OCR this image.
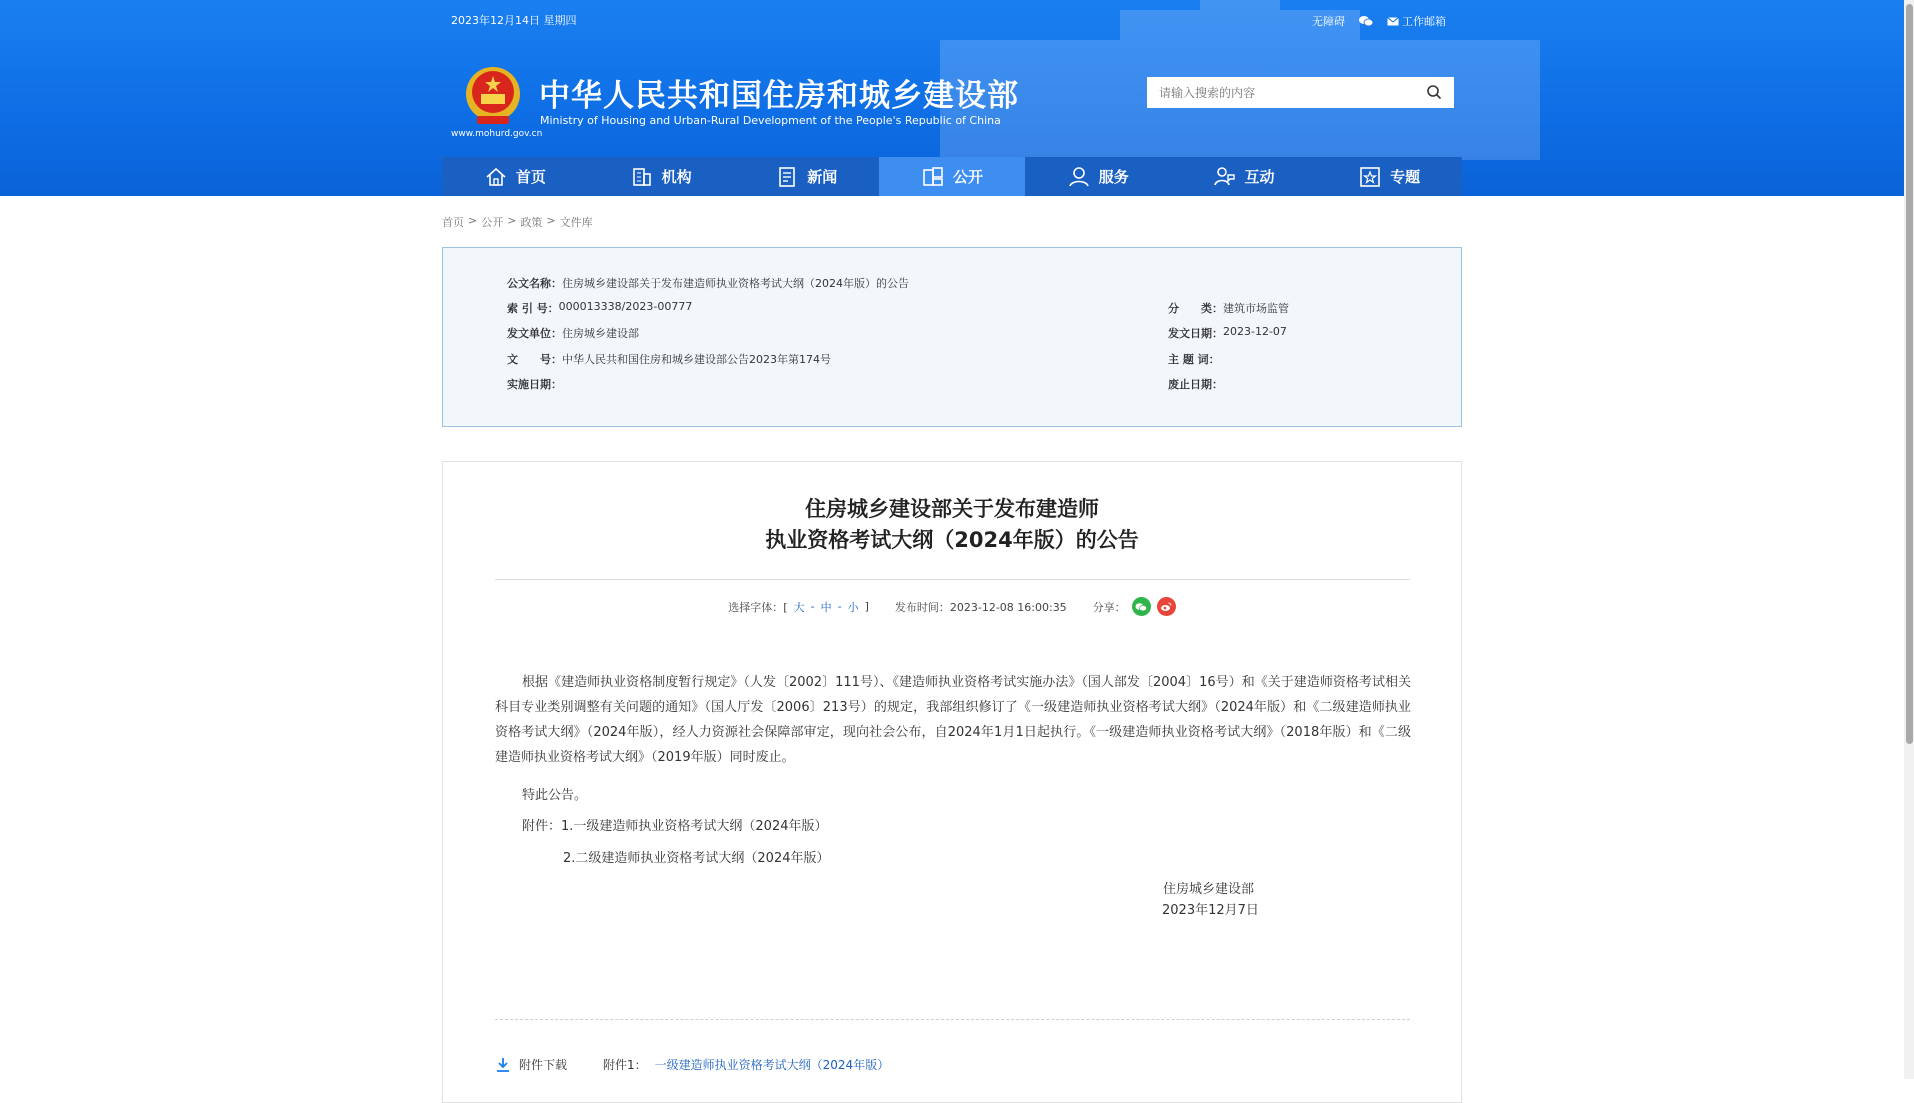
2023年12月14日 星期四	无障碍	工作邮箱
www.mohurd.gov.cn
中华人民共和国住房和城乡建设部
Ministry of Housing and Urban-Rural Development of the People's Republic of China
请输入搜索的内容
首页	机构	新闻	公开	服务	互动	专题
首页 > 公开 > 政策 > 文件库
公文名称： 住房城乡建设部关于发布建造师执业资格考试大纲（2024年版）的公告
索 引 号： 000013338/2023-00777	分　　类： 建筑市场监管
发文单位： 住房城乡建设部	发文日期： 2023-12-07
文　　号： 中华人民共和国住房和城乡建设部公告2023年第174号	主 题 词：
实施日期：	废止日期：
住房城乡建设部关于发布建造师
执业资格考试大纲（2024年版）的公告
选择字体：[ 大 - 中 - 小 ] 发布时间：2023-12-08 16:00:35 分享：

根据《建造师执业资格制度暂行规定》（人发〔2002〕111号）、《建造师执业资格考试实施办法》（国人部发〔2004〕16号）和《关于建造师资格考试相关科目专业类别调整有关问题的通知》（国人厅发〔2006〕213号）的规定，我部组织修订了《一级建造师执业资格考试大纲》（2024年版）和《二级建造师执业资格考试大纲》（2024年版），经人力资源社会保障部审定，现向社会公布，自2024年1月1日起执行。《一级建造师执业资格考试大纲》（2018年版）和《二级建造师执业资格考试大纲》（2019年版）同时废止。

特此公告。
附件：1.一级建造师执业资格考试大纲（2024年版）
2.二级建造师执业资格考试大纲（2024年版）
住房城乡建设部
2023年12月7日
附件下载	附件1： 一级建造师执业资格考试大纲（2024年版）
